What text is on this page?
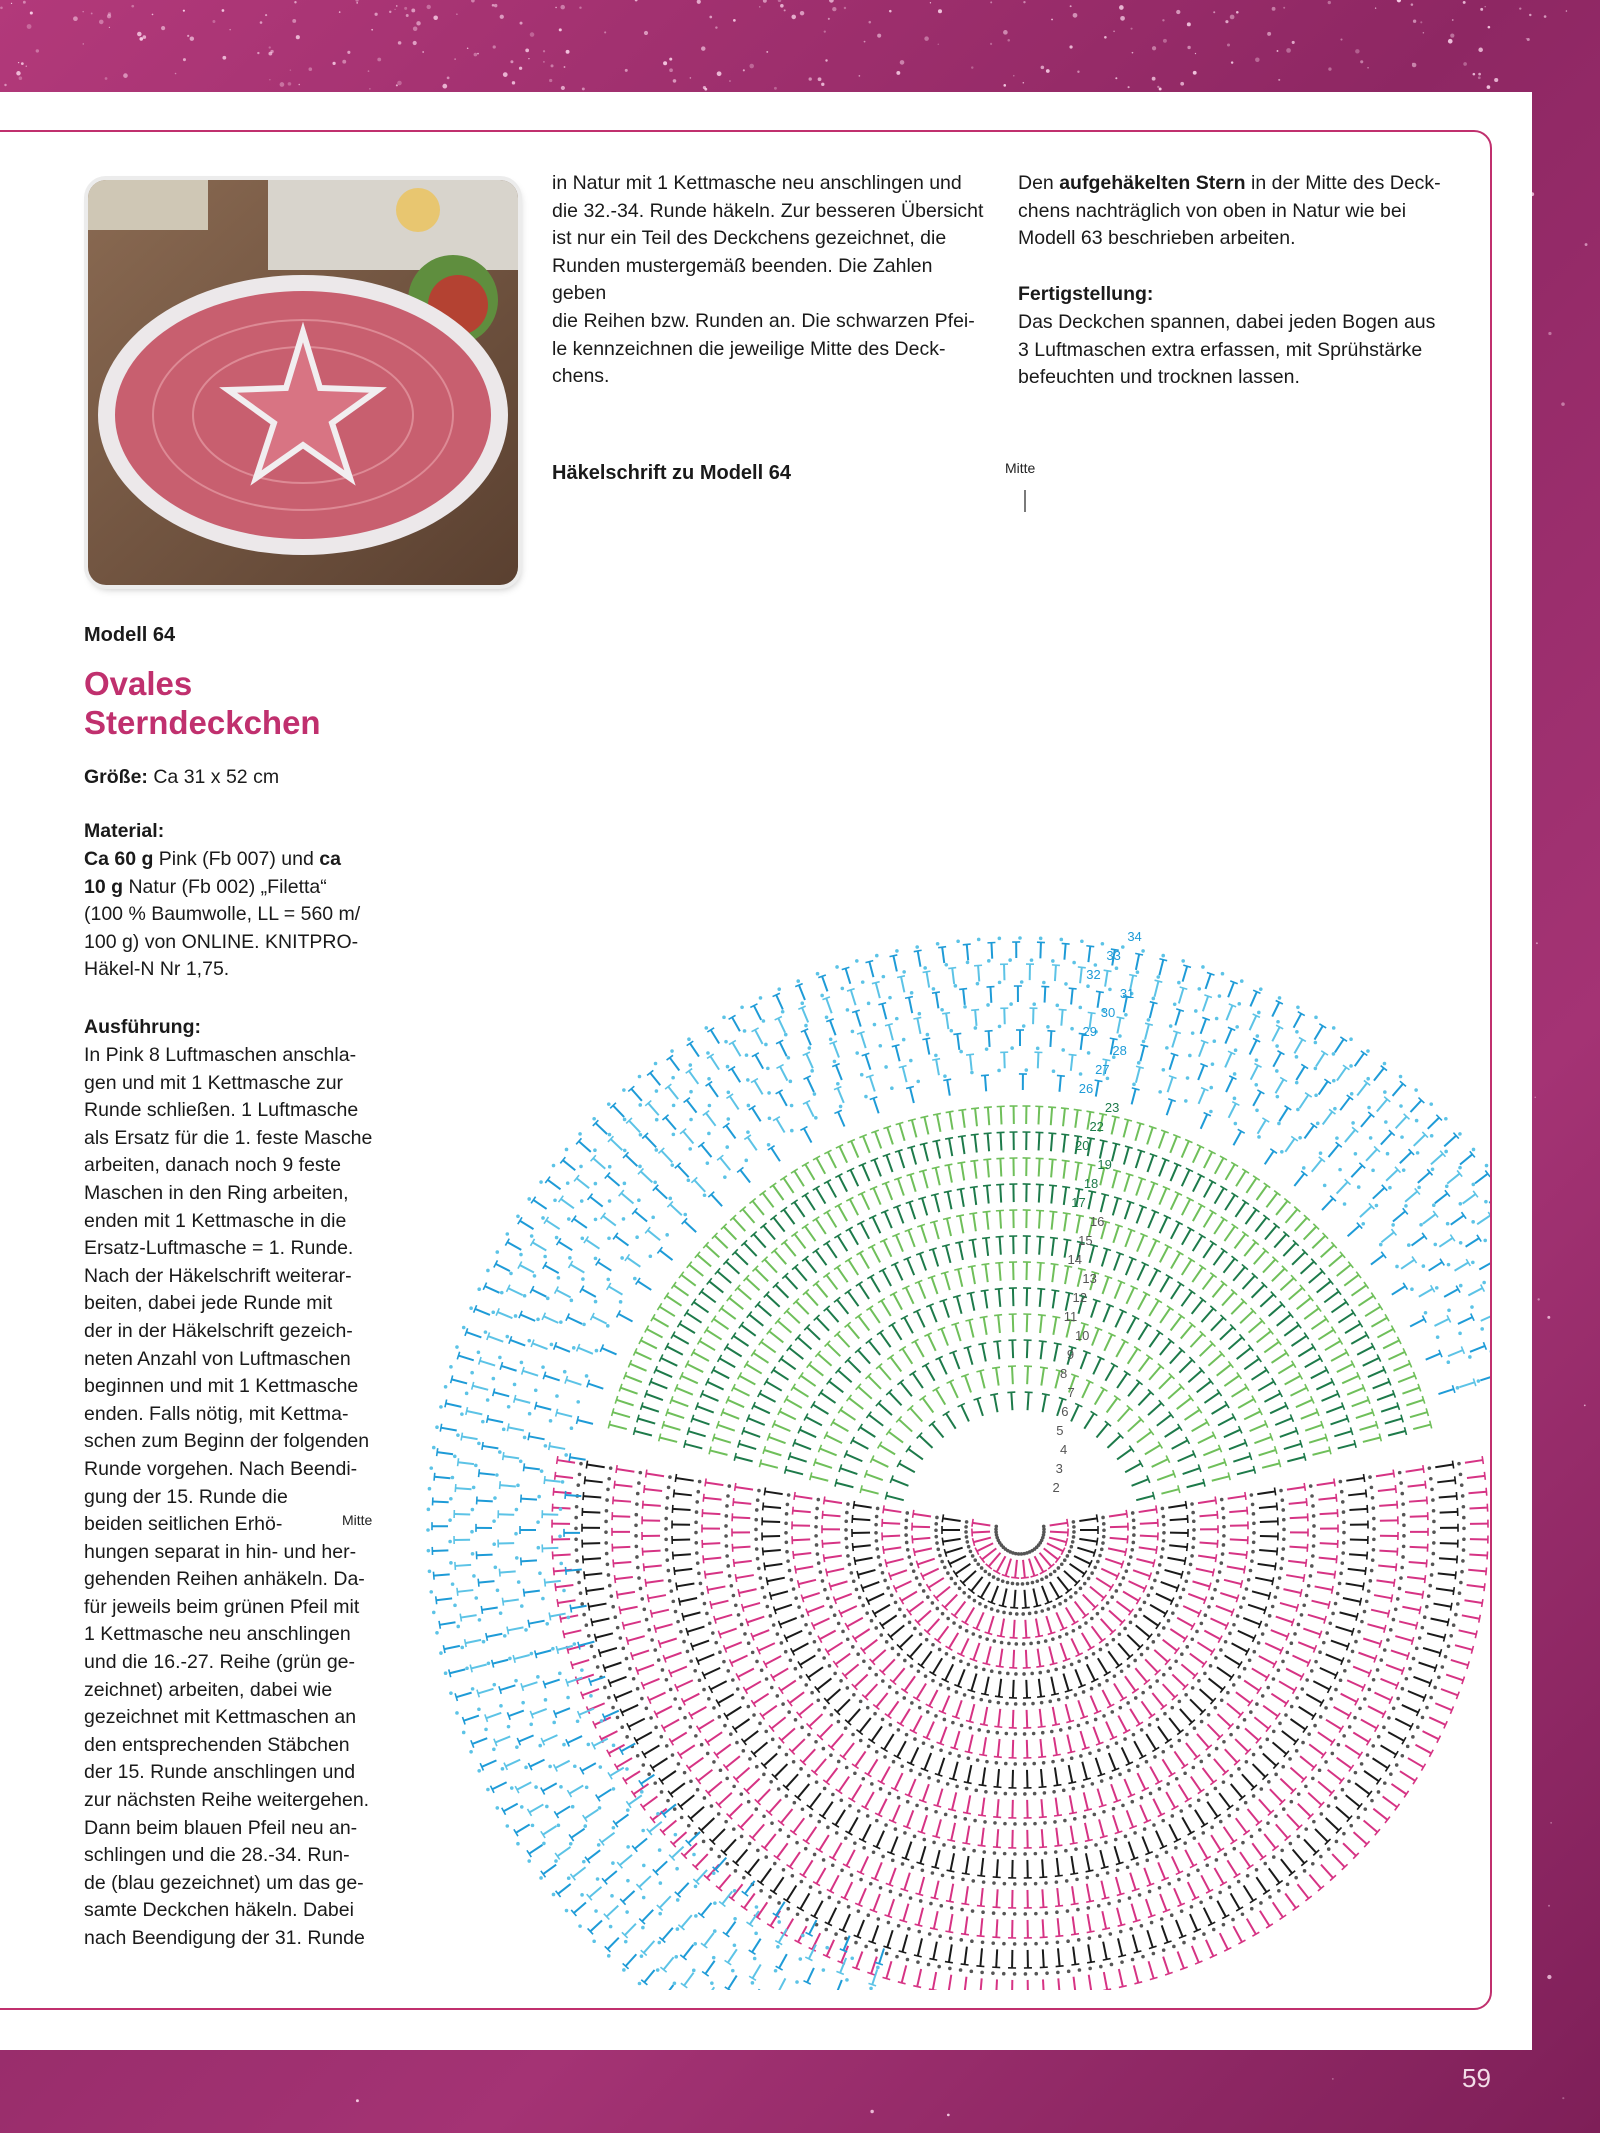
Modell 64
Ovales
Sterndeckchen
Größe: Ca 31 x 52 cm
Material:
Ca 60 g Pink (Fb 007) und ca
10 g Natur (Fb 002) „Filetta“
(100 % Baumwolle, LL = 560 m/
100 g) von ONLINE. KNITPRO-
Häkel-N Nr 1,75.
Ausführung:
In Pink 8 Luftmaschen anschla-
gen und mit 1 Kettmasche zur
Runde schließen. 1 Luftmasche
als Ersatz für die 1. feste Masche
arbeiten, danach noch 9 feste
Maschen in den Ring arbeiten,
enden mit 1 Kettmasche in die
Ersatz-Luftmasche = 1. Runde.
Nach der Häkelschrift weiterar-
beiten, dabei jede Runde mit
der in der Häkelschrift gezeich-
neten Anzahl von Luftmaschen
beginnen und mit 1 Kettmasche
enden. Falls nötig, mit Kettma-
schen zum Beginn der folgenden
Runde vorgehen. Nach Beendi-
gung der 15. Runde die
beiden seitlichen Erhö-
hungen separat in hin- und her-
gehenden Reihen anhäkeln. Da-
für jeweils beim grünen Pfeil mit
1 Kettmasche neu anschlingen
und die 16.-27. Reihe (grün ge-
zeichnet) arbeiten, dabei wie
gezeichnet mit Kettmaschen an
den entsprechenden Stäbchen
der 15. Runde anschlingen und
zur nächsten Reihe weitergehen.
Dann beim blauen Pfeil neu an-
schlingen und die 28.-34. Run-
de (blau gezeichnet) um das ge-
samte Deckchen häkeln. Dabei
nach Beendigung der 31. Runde
in Natur mit 1 Kettmasche neu anschlingen und
die 32.-34. Runde häkeln. Zur besseren Übersicht
ist nur ein Teil des Deckchens gezeichnet, die
Runden mustergemäß beenden. Die Zahlen geben
die Reihen bzw. Runden an. Die schwarzen Pfei-
le kennzeichnen die jeweilige Mitte des Deck-
chens.
Den aufgehäkelten Stern in der Mitte des Deck-
chens nachträglich von oben in Natur wie bei
Modell 63 beschrieben arbeiten.
Fertigstellung:
Das Deckchen spannen, dabei jeden Bogen aus
3 Luftmaschen extra erfassen, mit Sprühstärke
befeuchten und trocknen lassen.
Häkelschrift zu Modell 64	Mitte
Mitte
2
3
4
5
6
7
8
9
10
11
12
13
14
15
16
17
18
19
20
22
23
26
27
28
29
30
31
32
33
34
59
